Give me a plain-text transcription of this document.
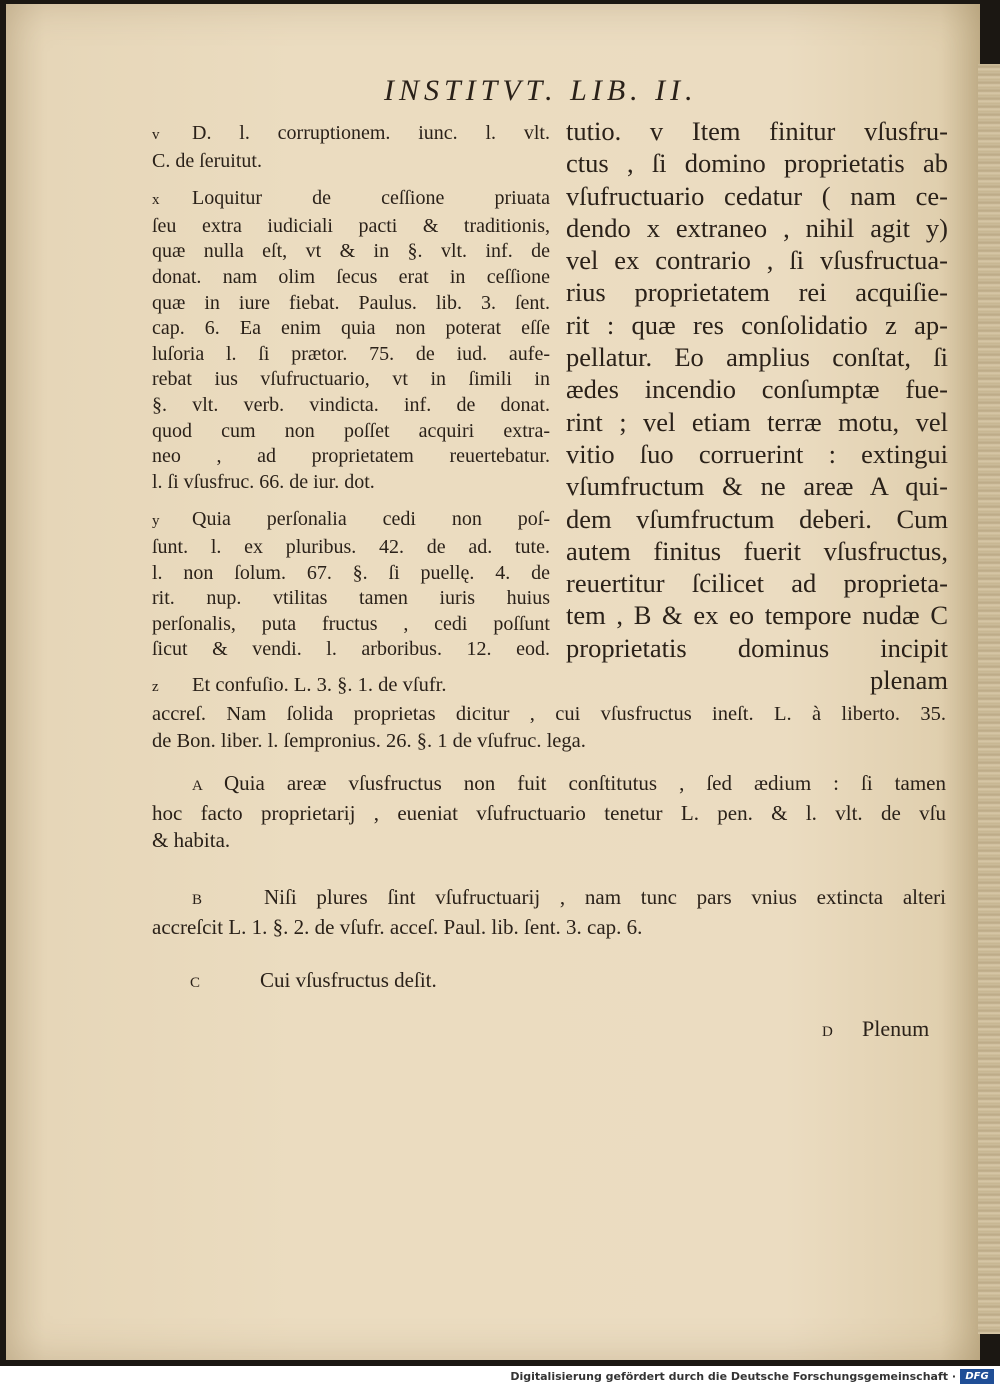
INSTITVT. LIB. II.
v D. l. corruptionem. iunc. l. vlt.
C. de ſeruitut.
x Loquitur de ceſſione priuata
ſeu extra iudiciali pacti & traditionis,
quæ nulla eſt, vt & in §. vlt. inf. de
donat. nam olim ſecus erat in ceſſione
quæ in iure fiebat. Paulus. lib. 3. ſent.
cap. 6. Ea enim quia non poterat eſſe
luſoria l. ſi prætor. 75. de iud. aufe-
rebat ius vſufructuario, vt in ſimili in
§. vlt. verb. vindicta. inf. de donat.
quod cum non poſſet acquiri extra-
neo , ad proprietatem reuertebatur.
l. ſi vſusfruc. 66. de iur. dot.
y Quia perſonalia cedi non poſ-
ſunt. l. ex pluribus. 42. de ad. tute.
l. non ſolum. 67. §. ſi puellę. 4. de
rit. nup. vtilitas tamen iuris huius
perſonalis, puta fructus , cedi poſſunt
ſicut & vendi. l. arboribus. 12. eod.
tutio. v Item finitur vſusfru-
ctus , ſi domino proprietatis ab
vſufructuario cedatur ( nam ce-
dendo x extraneo , nihil agit y)
vel ex contrario , ſi vſusfructua-
rius proprietatem rei acquiſie-
rit : quæ res conſolidatio z ap-
pellatur. Eo amplius conſtat, ſi
ædes incendio conſumptæ fue-
rint ; vel etiam terræ motu, vel
vitio ſuo corruerint : extingui
vſumfructum & ne areæ A qui-
dem vſumfructum deberi. Cum
autem finitus fuerit vſusfructus,
reuertitur ſcilicet ad proprieta-
tem , B & ex eo tempore nudæ C
proprietatis dominus incipit
plenam
z Et confuſio. L. 3. §. 1. de vſufr.
accreſ. Nam ſolida proprietas dicitur , cui vſusfructus ineſt. L. à liberto. 35.
de Bon. liber. l. ſempronius. 26. §. 1 de vſufruc. lega.
A Quia areæ vſusfructus non fuit conſtitutus , ſed ædium : ſi tamen
hoc facto proprietarij , eueniat vſufructuario tenetur L. pen. & l. vlt. de vſu
& habita.
B	Niſi plures ſint vſufructuarij , nam tunc pars vnius extincta alteri
accreſcit L. 1. §. 2. de vſufr. acceſ. Paul. lib. ſent. 3. cap. 6.
C	Cui vſusfructus deſit.
D Plenum
Digitalisierung gefördert durch die Deutsche Forschungsgemeinschaft · DFG
